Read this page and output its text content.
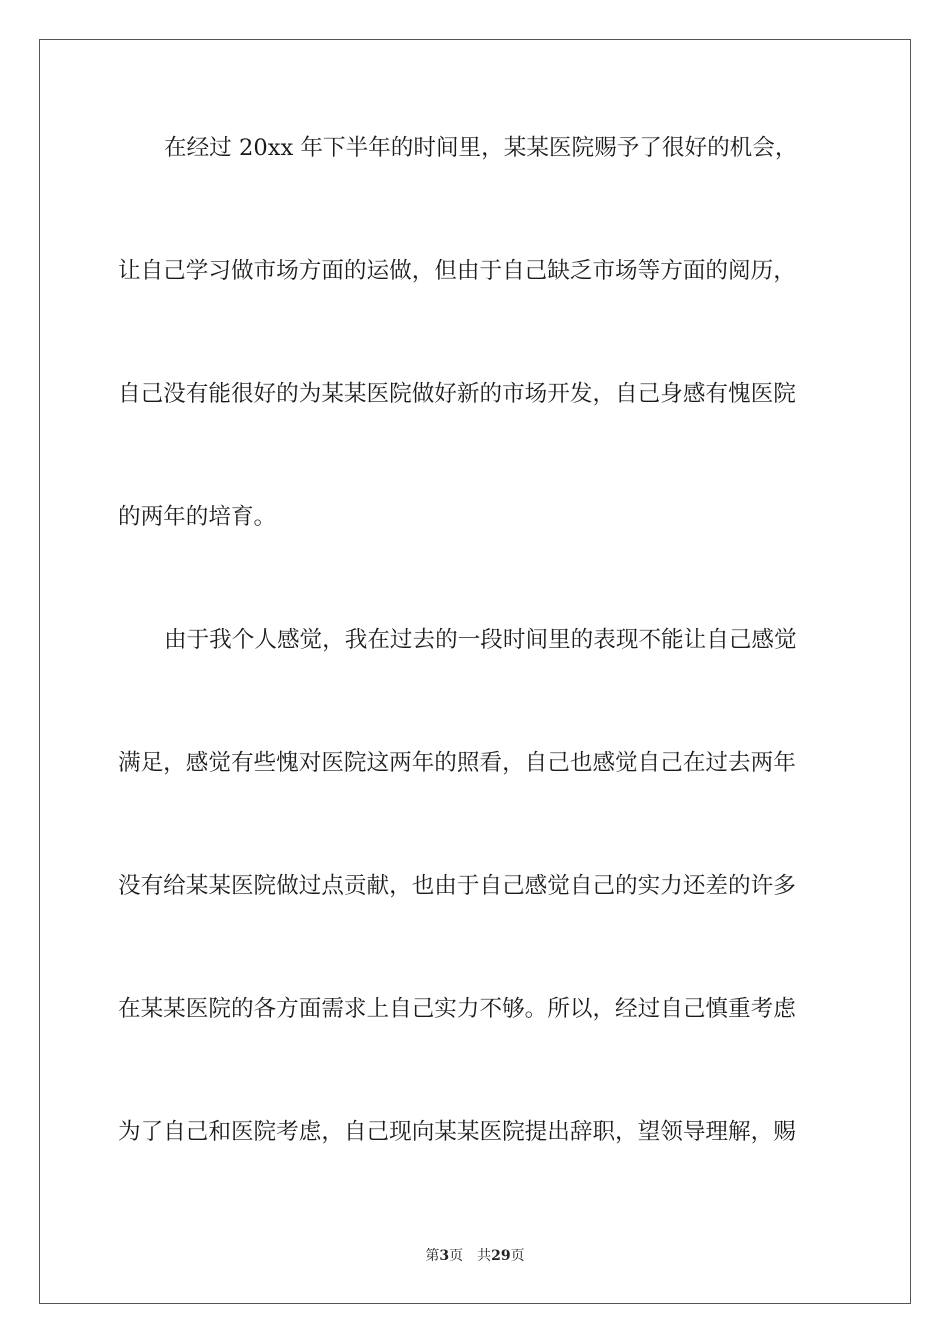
在经过 20xx 年下半年的时间里，某某医院赐予了很好的机会，
让自己学习做市场方面的运做，但由于自己缺乏市场等方面的阅历，
自己没有能很好的为某某医院做好新的市场开发，自己身感有愧医院
的两年的培育。
由于我个人感觉，我在过去的一段时间里的表现不能让自己感觉
满足，感觉有些愧对医院这两年的照看，自己也感觉自己在过去两年
没有给某某医院做过点贡献，也由于自己感觉自己的实力还差的许多
在某某医院的各方面需求上自己实力不够。所以，经过自己慎重考虑
为了自己和医院考虑，自己现向某某医院提出辞职，望领导理解，赐
第3页 共29页
